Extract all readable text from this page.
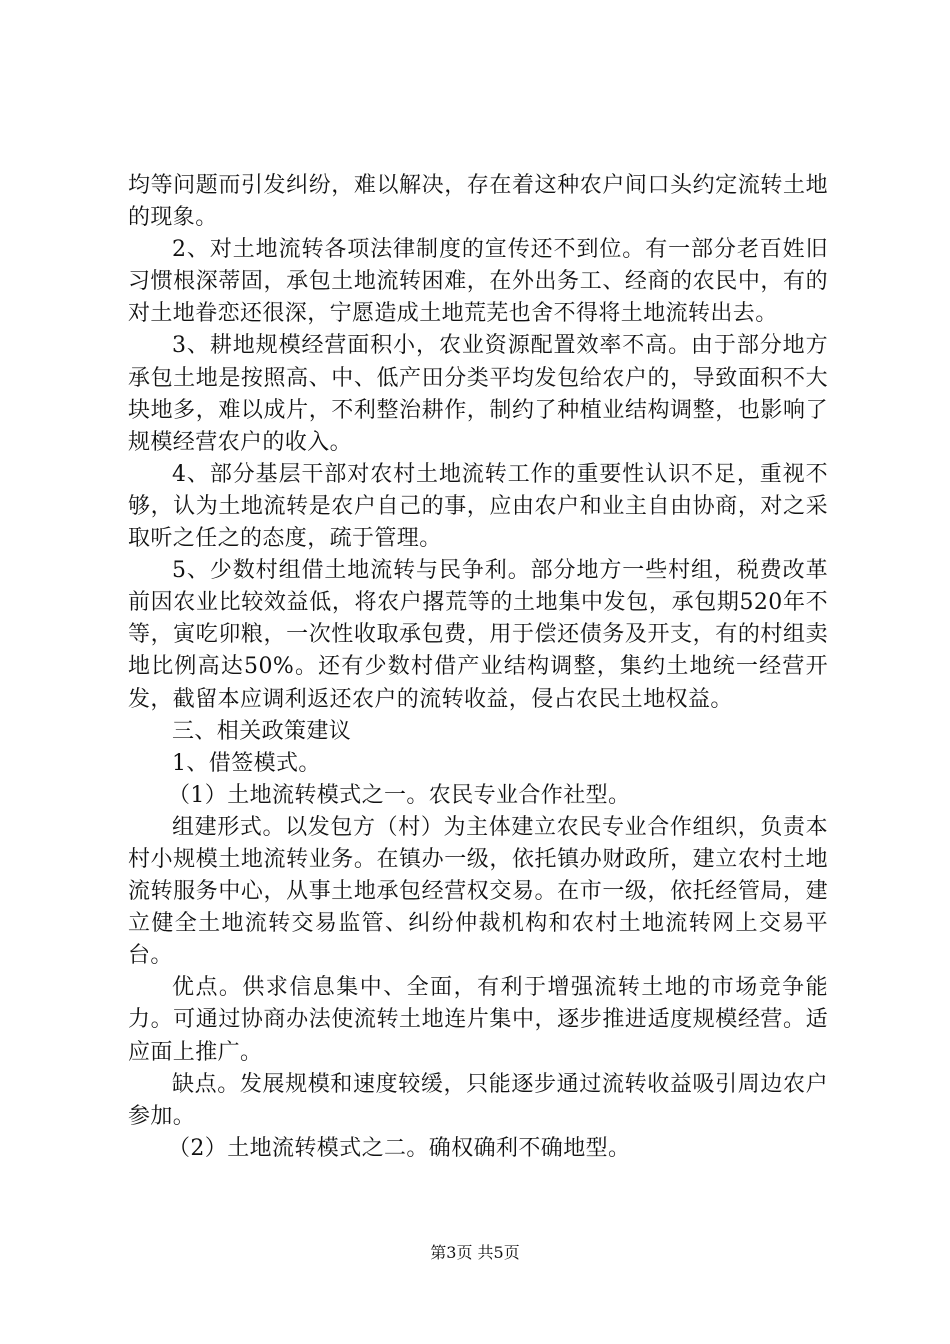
均等问题而引发纠纷，难以解决，存在着这种农户间口头约定流转土地的现象。

2、对土地流转各项法律制度的宣传还不到位。有一部分老百姓旧习惯根深蒂固，承包土地流转困难，在外出务工、经商的农民中，有的对土地眷恋还很深，宁愿造成土地荒芜也舍不得将土地流转出去。

3、耕地规模经营面积小，农业资源配置效率不高。由于部分地方承包土地是按照高、中、低产田分类平均发包给农户的，导致面积不大块地多，难以成片，不利整治耕作，制约了种植业结构调整，也影响了规模经营农户的收入。

4、部分基层干部对农村土地流转工作的重要性认识不足，重视不够，认为土地流转是农户自己的事，应由农户和业主自由协商，对之采取听之任之的态度，疏于管理。

5、少数村组借土地流转与民争利。部分地方一些村组，税费改革前因农业比较效益低，将农户撂荒等的土地集中发包，承包期520年不等，寅吃卯粮，一次性收取承包费，用于偿还债务及开支，有的村组卖地比例高达50%。还有少数村借产业结构调整，集约土地统一经营开发，截留本应调利返还农户的流转收益，侵占农民土地权益。

三、相关政策建议

1、借签模式。

（1）土地流转模式之一。农民专业合作社型。

组建形式。以发包方（村）为主体建立农民专业合作组织，负责本村小规模土地流转业务。在镇办一级，依托镇办财政所，建立农村土地流转服务中心，从事土地承包经营权交易。在市一级，依托经管局，建立健全土地流转交易监管、纠纷仲裁机构和农村土地流转网上交易平台。

优点。供求信息集中、全面，有利于增强流转土地的市场竞争能力。可通过协商办法使流转土地连片集中，逐步推进适度规模经营。适应面上推广。

缺点。发展规模和速度较缓，只能逐步通过流转收益吸引周边农户参加。

（2）土地流转模式之二。确权确利不确地型。

第3页 共5页
